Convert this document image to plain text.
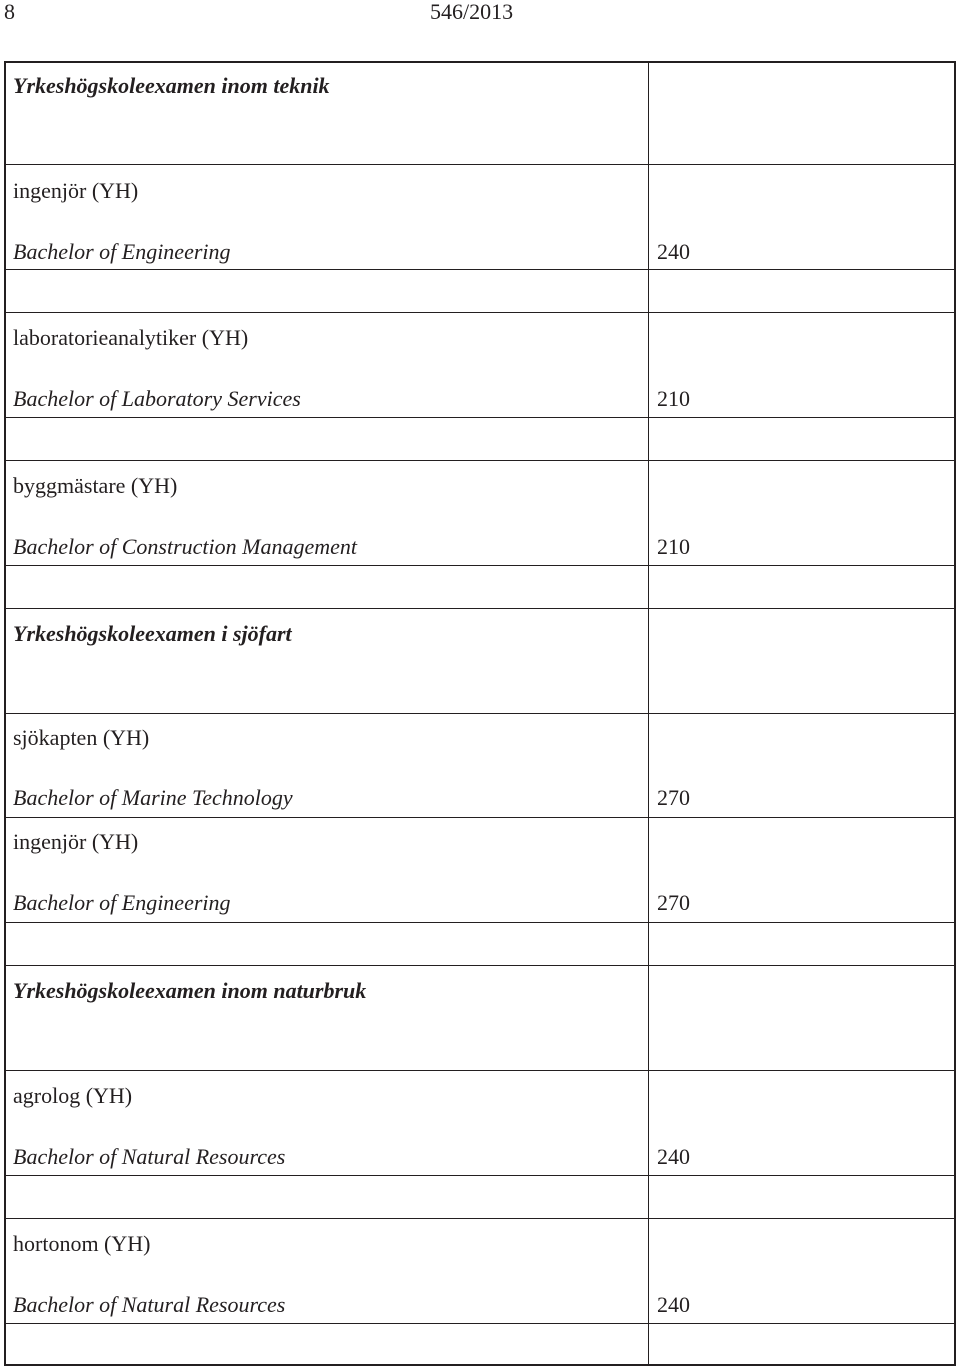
8	546/2013
Yrkeshögskoleexamen inom teknik
ingenjör (YH)
Bachelor of Engineering	240
laboratorieanalytiker (YH)
Bachelor of Laboratory Services	210
byggmästare (YH)
Bachelor of Construction Management	210
Yrkeshögskoleexamen i sjöfart
sjökapten (YH)
Bachelor of Marine Technology	270
ingenjör (YH)
Bachelor of Engineering	270
Yrkeshögskoleexamen inom naturbruk
agrolog (YH)
Bachelor of Natural Resources	240
hortonom (YH)
Bachelor of Natural Resources	240
